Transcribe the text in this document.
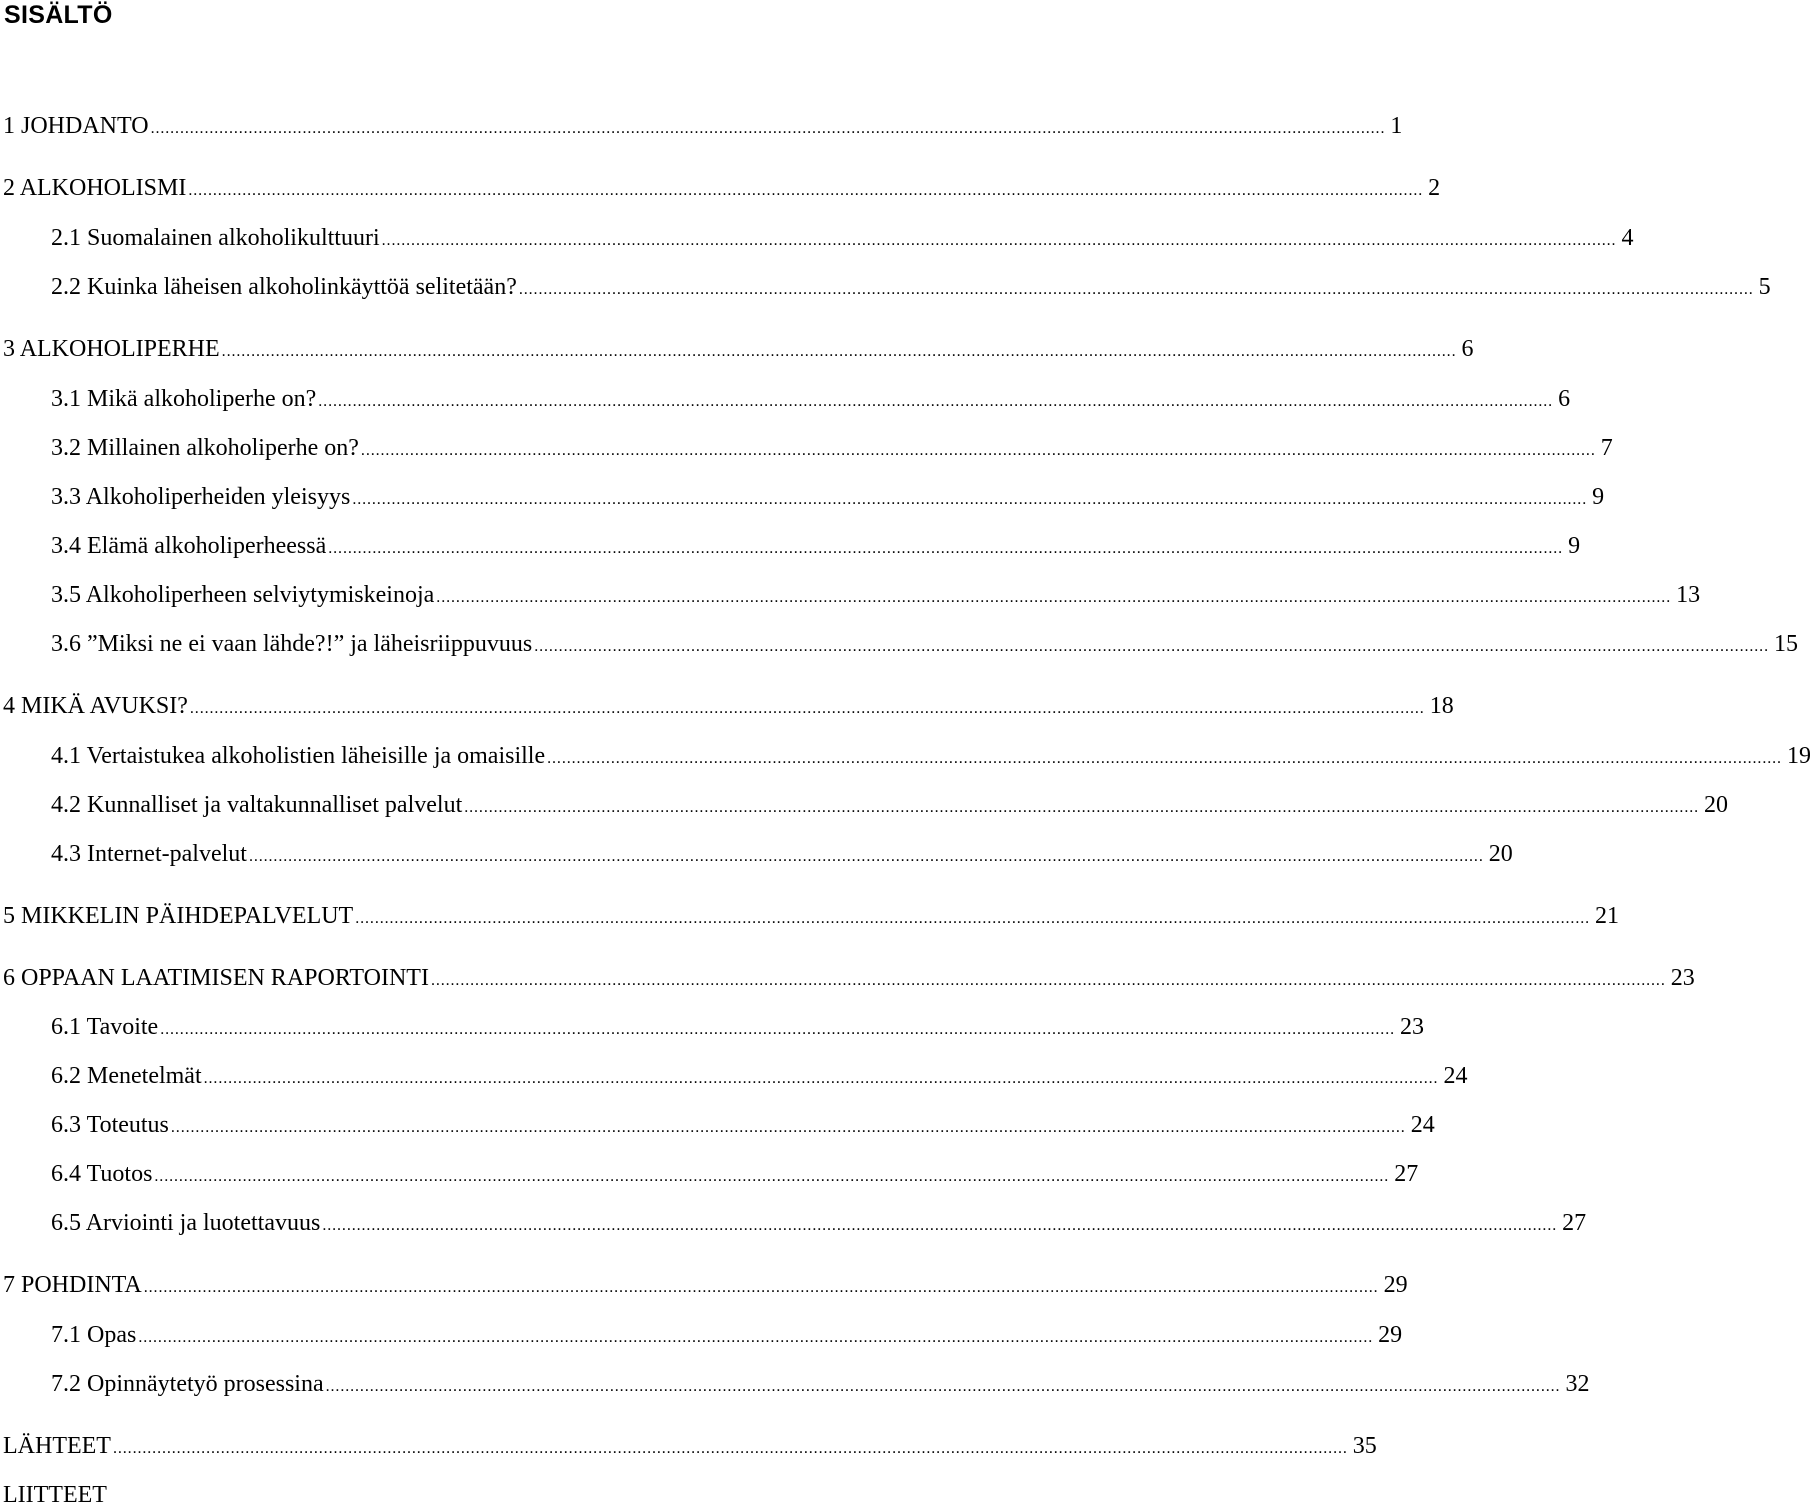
SISÄLTÖ
1 JOHDANTO ............................................................................................................................................................................................................................................................ 1
2 ALKOHOLISMI ............................................................................................................................................................................................................................................................ 2
2.1 Suomalainen alkoholikulttuuri ............................................................................................................................................................................................................................................................ 4
2.2 Kuinka läheisen alkoholinkäyttöä selitetään? ............................................................................................................................................................................................................................................................ 5
3 ALKOHOLIPERHE ............................................................................................................................................................................................................................................................ 6
3.1 Mikä alkoholiperhe on? ............................................................................................................................................................................................................................................................ 6
3.2 Millainen alkoholiperhe on? ............................................................................................................................................................................................................................................................ 7
3.3 Alkoholiperheiden yleisyys ............................................................................................................................................................................................................................................................ 9
3.4 Elämä alkoholiperheessä ............................................................................................................................................................................................................................................................ 9
3.5 Alkoholiperheen selviytymiskeinoja ............................................................................................................................................................................................................................................................ 13
3.6 ”Miksi ne ei vaan lähde?!” ja läheisriippuvuus ............................................................................................................................................................................................................................................................ 15
4 MIKÄ AVUKSI? ............................................................................................................................................................................................................................................................ 18
4.1 Vertaistukea alkoholistien läheisille ja omaisille ............................................................................................................................................................................................................................................................ 19
4.2 Kunnalliset ja valtakunnalliset palvelut ............................................................................................................................................................................................................................................................ 20
4.3 Internet-palvelut ............................................................................................................................................................................................................................................................ 20
5 MIKKELIN PÄIHDEPALVELUT ............................................................................................................................................................................................................................................................ 21
6 OPPAAN LAATIMISEN RAPORTOINTI ............................................................................................................................................................................................................................................................ 23
6.1 Tavoite ............................................................................................................................................................................................................................................................ 23
6.2 Menetelmät ............................................................................................................................................................................................................................................................ 24
6.3 Toteutus ............................................................................................................................................................................................................................................................ 24
6.4 Tuotos ............................................................................................................................................................................................................................................................ 27
6.5 Arviointi ja luotettavuus ............................................................................................................................................................................................................................................................ 27
7 POHDINTA ............................................................................................................................................................................................................................................................ 29
7.1 Opas ............................................................................................................................................................................................................................................................ 29
7.2 Opinnäytetyö prosessina ............................................................................................................................................................................................................................................................ 32
LÄHTEET ............................................................................................................................................................................................................................................................ 35
LIITTEET
